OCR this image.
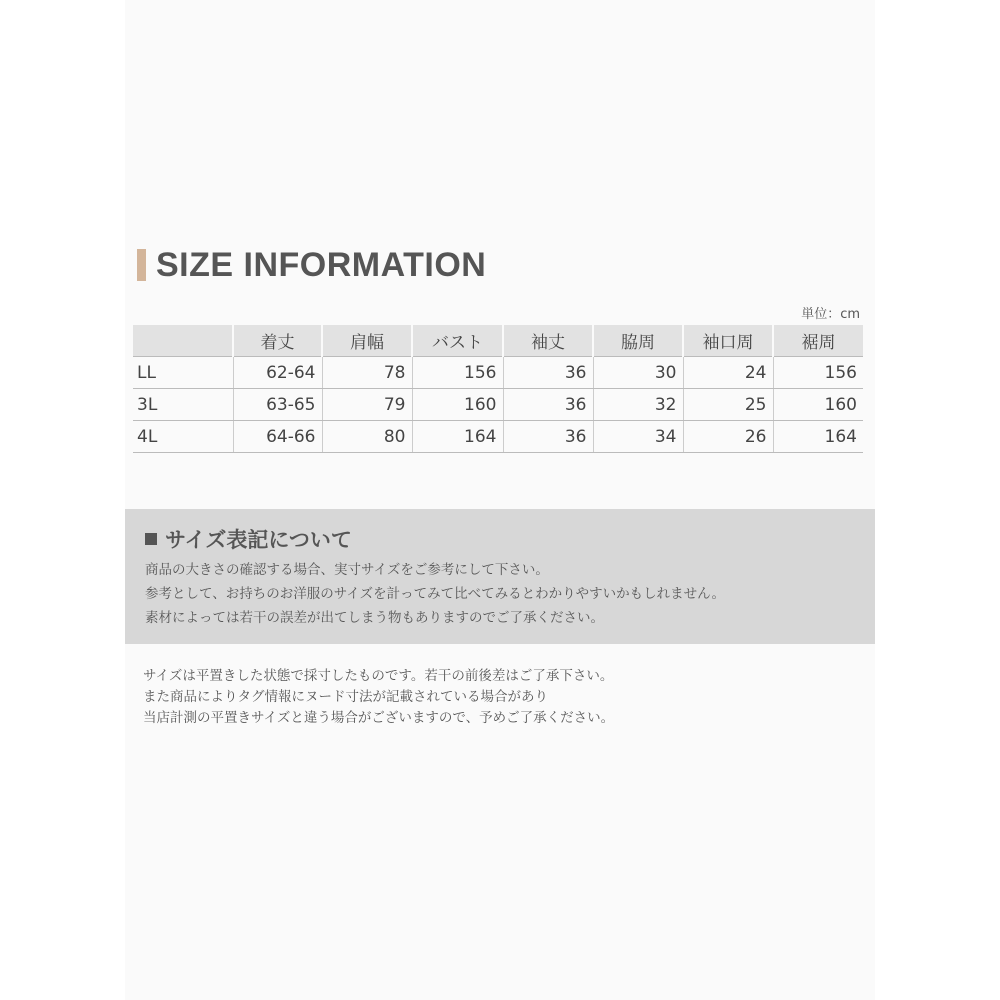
SIZE INFORMATION
単位：cm
	着丈	肩幅	バスト	袖丈	脇周	袖口周	裾周
LL	62-64	78	156	36	30	24	156
3L	63-65	79	160	36	32	25	160
4L	64-66	80	164	36	34	26	164
サイズ表記について
商品の大きさの確認する場合、実寸サイズをご参考にして下さい。
参考として、お持ちのお洋服のサイズを計ってみて比べてみるとわかりやすいかもしれません。
素材によっては若干の誤差が出てしまう物もありますのでご了承ください。
サイズは平置きした状態で採寸したものです。若干の前後差はご了承下さい。
また商品によりタグ情報にヌード寸法が記載されている場合があり
当店計測の平置きサイズと違う場合がございますので、予めご了承ください。
